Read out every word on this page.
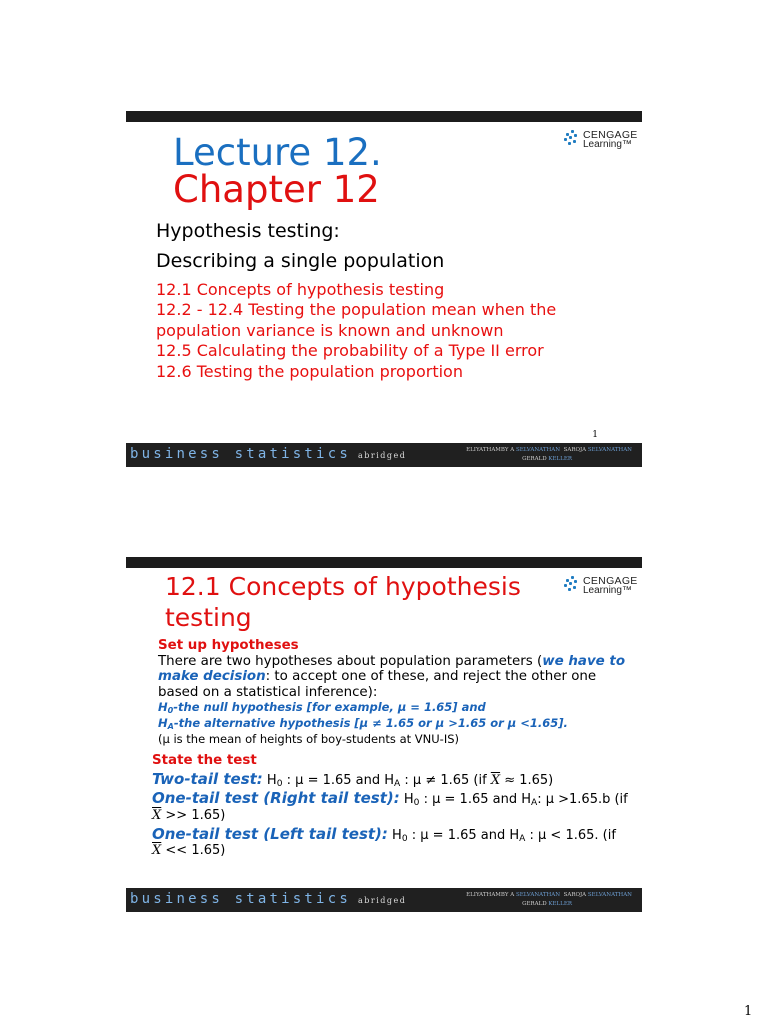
CENGAGE
Learning™
Lecture 12.
Chapter 12
Hypothesis testing:
Describing a single population
12.1 Concepts of hypothesis testing
12.2 - 12.4 Testing the population mean when the population variance is known and unknown
12.5 Calculating the probability of a Type II error
12.6 Testing the population proportion
1
business statistics abridged
ELIYATHAMBY A SELVANATHAN SAROJA SELVANATHAN
GERALD KELLER
CENGAGE
Learning™
12.1 Concepts of hypothesis testing
Set up hypotheses
There are two hypotheses about population parameters (we have to make decision: to accept one of these, and reject the other one based on a statistical inference):
$H_0$-the null hypothesis [for example, μ = 1.65] and
$H_A$-the alternative hypothesis [μ ≠ 1.65 or μ >1.65 or μ <1.65].
(μ is the mean of heights of boy-students at VNU-IS)
State the test
Two-tail test: $H_0$ : μ = 1.65 and $H_A$ : μ ≠ 1.65 (if $\overline{X} \approx 1.65$)
One-tail test (Right tail test): $H_0$ : μ = 1.65 and $H_A$: μ >1.65.b (if $\overline{X} >> 1.65$)
One-tail test (Left tail test): $H_0$ : μ = 1.65 and $H_A$ : μ < 1.65. (if $\overline{X} << 1.65$)
business statistics abridged
ELIYATHAMBY A SELVANATHAN SAROJA SELVANATHAN
GERALD KELLER
1
